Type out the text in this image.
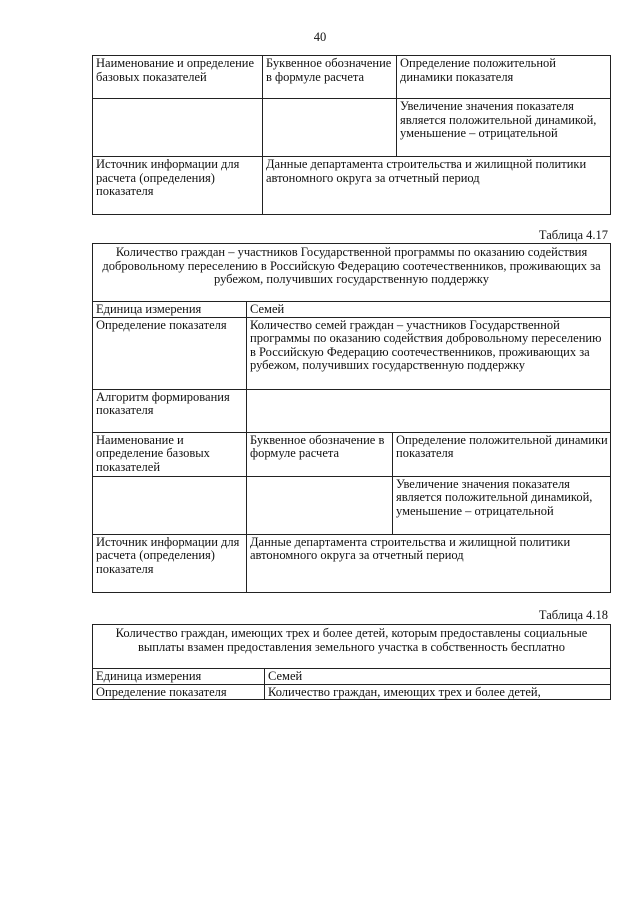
40
Наименование и определение базовых показателей	Буквенное обозначение в формуле расчета	Определение положительной динамики показателя
		Увеличение значения показателя является положительной динамикой, уменьшение – отрицательной
Источник информации для расчета (определения) показателя	Данные департамента строительства и жилищной политики автономного округа за отчетный период	
Таблица 4.17
Количество граждан – участников Государственной программы по оказанию содействия добровольному переселению в Российскую Федерацию соотечественников, проживающих за рубежом, получивших государственную поддержку		
Единица измерения	Семей	
Определение показателя	Количество семей граждан – участников Государственной программы по оказанию содействия добровольному переселению в Российскую Федерацию соотечественников, проживающих за рубежом, получивших государственную поддержку	
Алгоритм формирования показателя		
Наименование и определение базовых показателей	Буквенное обозначение в формуле расчета	Определение положительной динамики показателя
		Увеличение значения показателя является положительной динамикой, уменьшение – отрицательной
Источник информации для расчета (определения) показателя	Данные департамента строительства и жилищной политики автономного округа за отчетный период	
Таблица 4.18
Количество граждан, имеющих трех и более детей, которым предоставлены социальные выплаты взамен предоставления земельного участка в собственность бесплатно	
Единица измерения	Семей
Определение показателя	Количество граждан, имеющих трех и более детей,
